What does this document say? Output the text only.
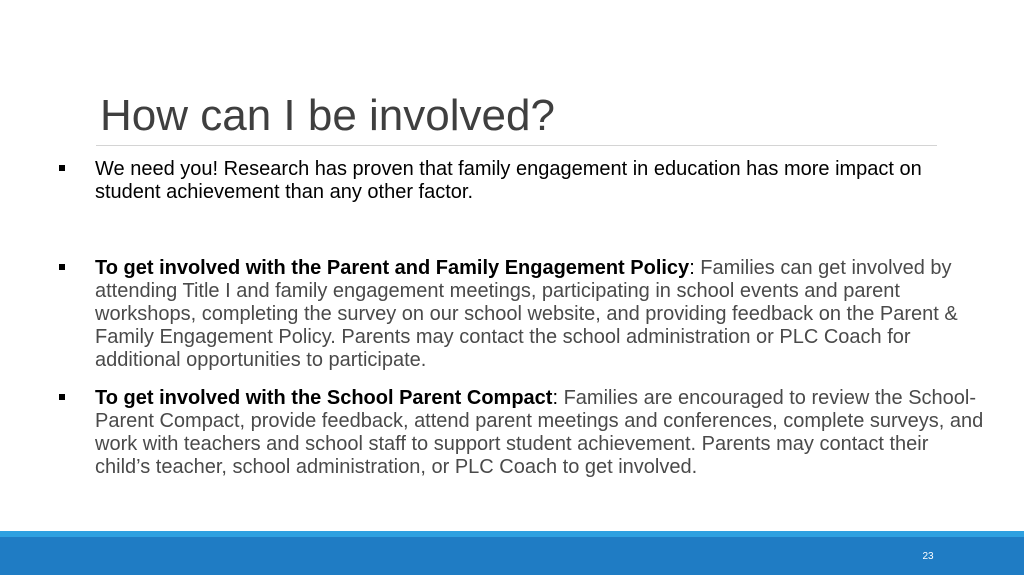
How can I be involved?

We need you! Research has proven that family engagement in education has more impact on student achievement than any other factor.

To get involved with the Parent and Family Engagement Policy: Families can get involved by attending Title I and family engagement meetings, participating in school events and parent workshops, completing the survey on our school website, and providing feedback on the Parent & Family Engagement Policy. Parents may contact the school administration or PLC Coach for additional opportunities to participate.

To get involved with the School Parent Compact: Families are encouraged to review the School-Parent Compact, provide feedback, attend parent meetings and conferences, complete surveys, and work with teachers and school staff to support student achievement. Parents may contact their child’s teacher, school administration, or PLC Coach to get involved.

23
